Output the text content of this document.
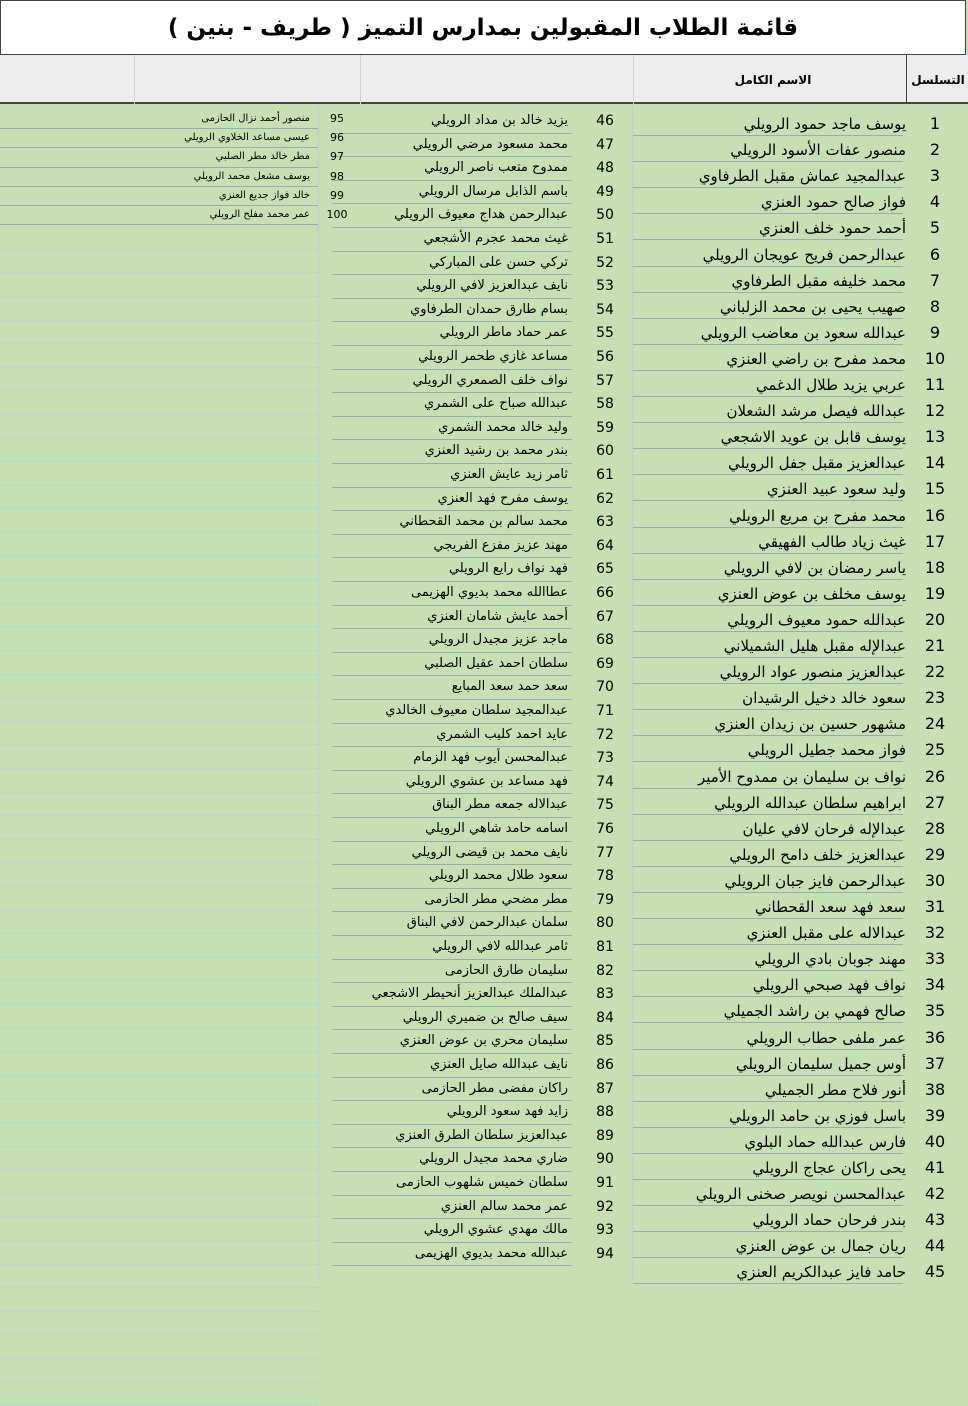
قائمة الطلاب المقبولين بمدارس التميز ( طريف - بنين )
الاسم الكامل	التسلسل
1
يوسف ماجد حمود الرويلي
2
منصور عفات الأسود الرويلي
3
عبدالمجيد عماش مقبل الطرفاوي
4
فواز صالح حمود العنزي
5
أحمد حمود خلف العنزي
6
عبدالرحمن فريح عويجان الرويلي
7
محمد خليفه مقبل الطرفاوي
8
صهيب يحيى بن محمد الزلباني
9
عبدالله سعود بن معاضب الرويلي
10
محمد مفرح بن راضي العنزي
11
عربي يزيد طلال الدغمي
12
عبدالله فيصل مرشد الشعلان
13
يوسف قابل بن عويد الاشجعي
14
عبدالعزيز مقبل جفل الرويلي
15
وليد سعود عبيد العنزي
16
محمد مفرح بن مريع الرويلي
17
غيث زياد طالب الفهيقي
18
ياسر رمضان بن لافي الرويلي
19
يوسف مخلف بن عوض العنزي
20
عبدالله حمود معيوف الرويلي
21
عبدالإله مقبل هليل الشميلاني
22
عبدالعزيز منصور عواد الرويلي
23
سعود خالد دخيل الرشيدان
24
مشهور حسين بن زيدان العنزي
25
فواز محمد جطيل الرويلي
26
نواف بن سليمان بن ممدوح الأمير
27
ابراهيم سلطان عبدالله الرويلي
28
عبدالإله فرحان لافي عليان
29
عبدالعزيز خلف دامح الرويلي
30
عبدالرحمن فايز جبان الرويلي
31
سعد فهد سعد القحطاني
32
عبدالاله على مقبل العنزي
33
مهند جوبان بادي الرويلي
34
نواف فهد صبحي الرويلي
35
صالح فهمي بن راشد الجميلي
36
عمر ملفى حطاب الرويلي
37
أوس جميل سليمان الرويلي
38
أنور فلاح مطر الجميلي
39
باسل فوزي بن حامد الرويلي
40
فارس عبدالله حماد البلوي
41
يحى راكان عجاج الرويلي
42
عبدالمحسن نويصر صخنى الرويلي
43
بندر فرحان حماد الرويلي
44
ريان جمال بن عوض العنزي
45
حامد فايز عبدالكريم العنزي
46
يزيد خالد بن مداد الرويلي
47
محمد مسعود مرضي الرويلي
48
ممدوح متعب ناصر الرويلي
49
باسم الذابل مرسال الرويلي
50
عبدالرحمن هداج معيوف الرويلي
51
غيث محمد عجرم الأشجعي
52
تركي حسن على المباركي
53
نايف عبدالعزيز لافي الرويلي
54
بسام طارق حمدان الطرفاوي
55
عمر حماد ماطر الرويلي
56
مساعد غازي طحمر الرويلي
57
نواف خلف الصمعري الرويلي
58
عبدالله صباح على الشمري
59
وليد خالد محمد الشمري
60
بندر محمد بن رشيد العنزي
61
ثامر زيد عايش العنزي
62
يوسف مفرح فهد العنزي
63
محمد سالم بن محمد القحطاني
64
مهند عزيز مفزع الفريجي
65
فهد نواف رايع الرويلي
66
عطاالله محمد بديوي الهزيمى
67
أحمد عايش شامان العنزي
68
ماجد عزيز مجيدل الرويلي
69
سلطان احمد عقيل الصلبي
70
سعد حمد سعد المبايع
71
عبدالمجيد سلطان معيوف الخالدي
72
عايد احمد كليب الشمري
73
عبدالمحسن أيوب فهد الزمام
74
فهد مساعد بن عشوي الرويلي
75
عبدالاله جمعه مطر البناق
76
اسامه حامد شاهي الرويلي
77
نايف محمد بن قيضى الرويلي
78
سعود طلال محمد الرويلي
79
مطر مضحي مطر الحازمى
80
سلمان عبدالرحمن لافي البناق
81
ثامر عبدالله لافي الرويلي
82
سليمان طارق الحازمى
83
عبدالملك عبدالعزيز أنحيطر الاشجعي
84
سيف صالح بن ضميري الرويلي
85
سليمان محري بن عوض العنزي
86
نايف عبدالله صايل العنزي
87
راكان مفضى مطر الحازمى
88
زايد فهد سعود الرويلي
89
عبدالعزيز سلطان الطرق العنزي
90
ضاري محمد مجيدل الرويلي
91
سلطان خميس شلهوب الحازمى
92
عمر محمد سالم العنزي
93
مالك مهدي عشوي الرويلي
94
عبدالله محمد بديوي الهزيمى
95
منصور أحمد نزال الحازمى
96
عيسى مساعد الخلاوي الرويلي
97
مطر خالد مطر الصلبي
98
يوسف مشعل محمد الرويلي
99
خالد فواز جديع العنزي
100
عمر محمد مفلح الرويلي
